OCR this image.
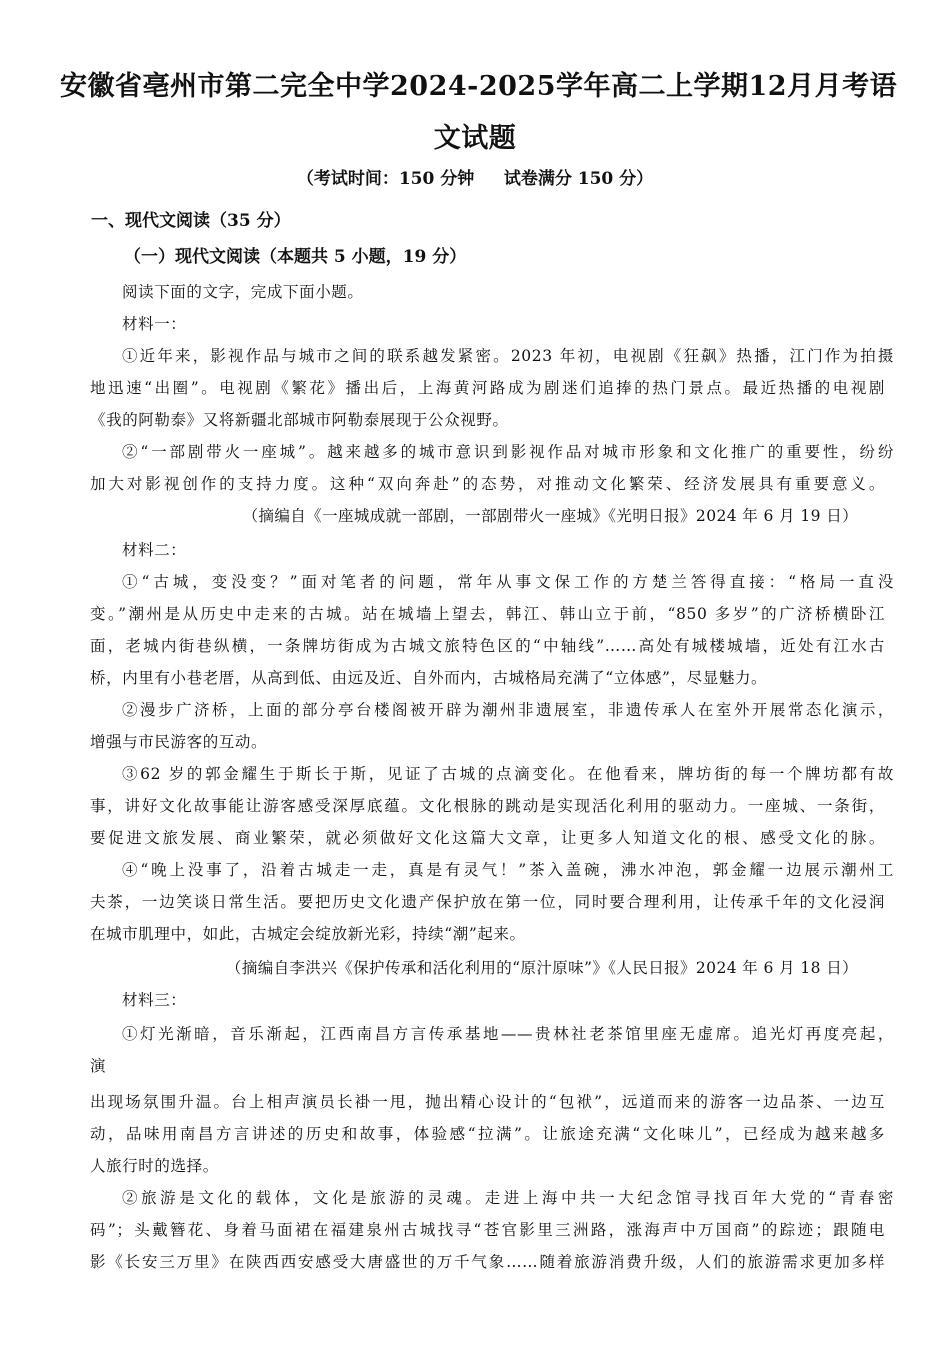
安徽省亳州市第二完全中学2024-2025学年高二上学期12月月考语
文试题
（考试时间：150 分钟     试卷满分 150 分）
一、现代文阅读（35 分）
（一）现代文阅读（本题共 5 小题，19 分）
阅读下面的文字，完成下面小题。
材料一：
①近年来，影视作品与城市之间的联系越发紧密。2023 年初，电视剧《狂飙》热播，江门作为拍摄
地迅速“出圈”。电视剧《繁花》播出后，上海黄河路成为剧迷们追捧的热门景点。最近热播的电视剧
《我的阿勒泰》又将新疆北部城市阿勒泰展现于公众视野。
②“一部剧带火一座城”。越来越多的城市意识到影视作品对城市形象和文化推广的重要性，纷纷
加大对影视创作的支持力度。这种“双向奔赴”的态势，对推动文化繁荣、经济发展具有重要意义。
（摘编自《一座城成就一部剧，一部剧带火一座城》《光明日报》2024 年 6 月 19 日）
材料二：
①“古城，变没变？”面对笔者的问题，常年从事文保工作的方楚兰答得直接：“格局一直没
变。”潮州是从历史中走来的古城。站在城墙上望去，韩江、韩山立于前，“850 多岁”的广济桥横卧江
面，老城内街巷纵横，一条牌坊街成为古城文旅特色区的“中轴线”……高处有城楼城墙，近处有江水古
桥，内里有小巷老厝，从高到低、由远及近、自外而内，古城格局充满了“立体感”，尽显魅力。
②漫步广济桥，上面的部分亭台楼阁被开辟为潮州非遗展室，非遗传承人在室外开展常态化演示，
增强与市民游客的互动。
③62 岁的郭金耀生于斯长于斯，见证了古城的点滴变化。在他看来，牌坊街的每一个牌坊都有故
事，讲好文化故事能让游客感受深厚底蕴。文化根脉的跳动是实现活化利用的驱动力。一座城、一条街，
要促进文旅发展、商业繁荣，就必须做好文化这篇大文章，让更多人知道文化的根、感受文化的脉。
④“晚上没事了，沿着古城走一走，真是有灵气！”茶入盖碗，沸水冲泡，郭金耀一边展示潮州工
夫茶，一边笑谈日常生活。要把历史文化遗产保护放在第一位，同时要合理利用，让传承千年的文化浸润
在城市肌理中，如此，古城定会绽放新光彩，持续“潮”起来。
（摘编自李洪兴《保护传承和活化利用的“原汁原味”》《人民日报》2024 年 6 月 18 日）
材料三：
①灯光渐暗，音乐渐起，江西南昌方言传承基地——贵林社老茶馆里座无虚席。追光灯再度亮起，
演
出现场氛围升温。台上相声演员长褂一甩，抛出精心设计的“包袱”，远道而来的游客一边品茶、一边互
动，品味用南昌方言讲述的历史和故事，体验感“拉满”。让旅途充满“文化味儿”，已经成为越来越多
人旅行时的选择。
②旅游是文化的载体，文化是旅游的灵魂。走进上海中共一大纪念馆寻找百年大党的“青春密
码”；头戴簪花、身着马面裙在福建泉州古城找寻“苍官影里三洲路，涨海声中万国商”的踪迹；跟随电
影《长安三万里》在陕西西安感受大唐盛世的万千气象……随着旅游消费升级，人们的旅游需求更加多样
